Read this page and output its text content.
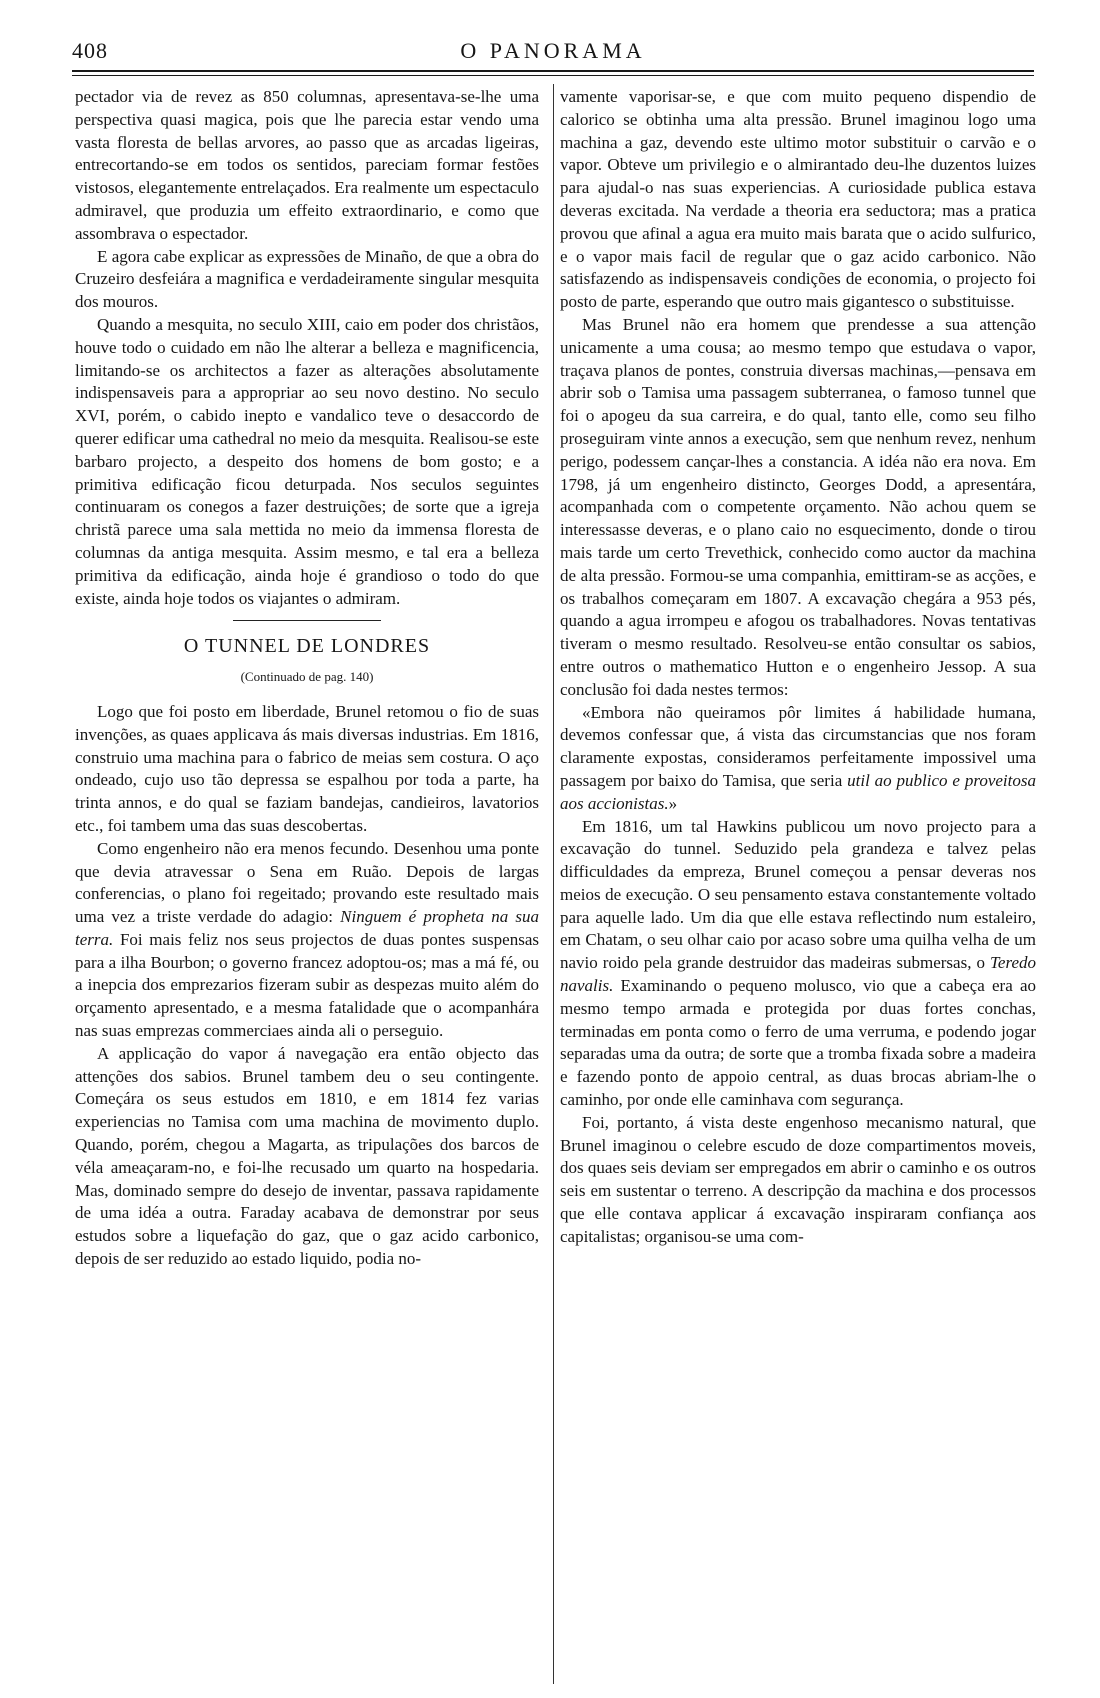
408	O PANORAMA

pectador via de revez as 850 columnas, apresentava-se-lhe uma perspectiva quasi magica, pois que lhe parecia estar vendo uma vasta floresta de bellas arvores, ao passo que as arcadas ligeiras, entrecortando-se em todos os sentidos, pareciam formar festões vistosos, elegantemente entrelaçados. Era realmente um espectaculo admiravel, que produzia um effeito extraordinario, e como que assombrava o espectador.

E agora cabe explicar as expressões de Minaño, de que a obra do Cruzeiro desfeiára a magnifica e verdadeiramente singular mesquita dos mouros.

Quando a mesquita, no seculo XIII, caio em poder dos christãos, houve todo o cuidado em não lhe alterar a belleza e magnificencia, limitando-se os architectos a fazer as alterações absolutamente indispensaveis para a appropriar ao seu novo destino. No seculo XVI, porém, o cabido inepto e vandalico teve o desaccordo de querer edificar uma cathedral no meio da mesquita. Realisou-se este barbaro projecto, a despeito dos homens de bom gosto; e a primitiva edificação ficou deturpada. Nos seculos seguintes continuaram os conegos a fazer destruições; de sorte que a igreja christã parece uma sala mettida no meio da immensa floresta de columnas da antiga mesquita. Assim mesmo, e tal era a belleza primitiva da edificação, ainda hoje é grandioso o todo do que existe, ainda hoje todos os viajantes o admiram.

O TUNNEL DE LONDRES
(Continuado de pag. 140)

Logo que foi posto em liberdade, Brunel retomou o fio de suas invenções, as quaes applicava ás mais diversas industrias. Em 1816, construio uma machina para o fabrico de meias sem costura. O aço ondeado, cujo uso tão depressa se espalhou por toda a parte, ha trinta annos, e do qual se faziam bandejas, candieiros, lavatorios etc., foi tambem uma das suas descobertas.

Como engenheiro não era menos fecundo. Desenhou uma ponte que devia atravessar o Sena em Ruão. Depois de largas conferencias, o plano foi regeitado; provando este resultado mais uma vez a triste verdade do adagio: Ninguem é propheta na sua terra. Foi mais feliz nos seus projectos de duas pontes suspensas para a ilha Bourbon; o governo francez adoptou-os; mas a má fé, ou a inepcia dos emprezarios fizeram subir as despezas muito além do orçamento apresentado, e a mesma fatalidade que o acompanhára nas suas emprezas commerciaes ainda ali o perseguio.

A applicação do vapor á navegação era então objecto das attenções dos sabios. Brunel tambem deu o seu contingente. Começára os seus estudos em 1810, e em 1814 fez varias experiencias no Tamisa com uma machina de movimento duplo. Quando, porém, chegou a Magarta, as tripulações dos barcos de véla ameaçaram-no, e foi-lhe recusado um quarto na hospedaria. Mas, dominado sempre do desejo de inventar, passava rapidamente de uma idéa a outra. Faraday acabava de demonstrar por seus estudos sobre a liquefação do gaz, que o gaz acido carbonico, depois de ser reduzido ao estado liquido, podia no-

vamente vaporisar-se, e que com muito pequeno dispendio de calorico se obtinha uma alta pressão. Brunel imaginou logo uma machina a gaz, devendo este ultimo motor substituir o carvão e o vapor. Obteve um privilegio e o almirantado deu-lhe duzentos luizes para ajudal-o nas suas experiencias. A curiosidade publica estava deveras excitada. Na verdade a theoria era seductora; mas a pratica provou que afinal a agua era muito mais barata que o acido sulfurico, e o vapor mais facil de regular que o gaz acido carbonico. Não satisfazendo as indispensaveis condições de economia, o projecto foi posto de parte, esperando que outro mais gigantesco o substituisse.

Mas Brunel não era homem que prendesse a sua attenção unicamente a uma cousa; ao mesmo tempo que estudava o vapor, traçava planos de pontes, construia diversas machinas,—pensava em abrir sob o Tamisa uma passagem subterranea, o famoso tunnel que foi o apogeu da sua carreira, e do qual, tanto elle, como seu filho proseguiram vinte annos a execução, sem que nenhum revez, nenhum perigo, podessem cançar-lhes a constancia. A idéa não era nova. Em 1798, já um engenheiro distincto, Georges Dodd, a apresentára, acompanhada com o competente orçamento. Não achou quem se interessasse deveras, e o plano caio no esquecimento, donde o tirou mais tarde um certo Trevethick, conhecido como auctor da machina de alta pressão. Formou-se uma companhia, emittiram-se as acções, e os trabalhos começaram em 1807. A excavação chegára a 953 pés, quando a agua irrompeu e afogou os trabalhadores. Novas tentativas tiveram o mesmo resultado. Resolveu-se então consultar os sabios, entre outros o mathematico Hutton e o engenheiro Jessop. A sua conclusão foi dada nestes termos:

«Embora não queiramos pôr limites á habilidade humana, devemos confessar que, á vista das circumstancias que nos foram claramente expostas, consideramos perfeitamente impossivel uma passagem por baixo do Tamisa, que seria util ao publico e proveitosa aos accionistas.»

Em 1816, um tal Hawkins publicou um novo projecto para a excavação do tunnel. Seduzido pela grandeza e talvez pelas difficuldades da empreza, Brunel começou a pensar deveras nos meios de execução. O seu pensamento estava constantemente voltado para aquelle lado. Um dia que elle estava reflectindo num estaleiro, em Chatam, o seu olhar caio por acaso sobre uma quilha velha de um navio roido pela grande destruidor das madeiras submersas, o Teredo navalis. Examinando o pequeno molusco, vio que a cabeça era ao mesmo tempo armada e protegida por duas fortes conchas, terminadas em ponta como o ferro de uma verruma, e podendo jogar separadas uma da outra; de sorte que a tromba fixada sobre a madeira e fazendo ponto de appoio central, as duas brocas abriam-lhe o caminho, por onde elle caminhava com segurança.

Foi, portanto, á vista deste engenhoso mecanismo natural, que Brunel imaginou o celebre escudo de doze compartimentos moveis, dos quaes seis deviam ser empregados em abrir o caminho e os outros seis em sustentar o terreno. A descripção da machina e dos processos que elle contava applicar á excavação inspiraram confiança aos capitalistas; organisou-se uma com-
